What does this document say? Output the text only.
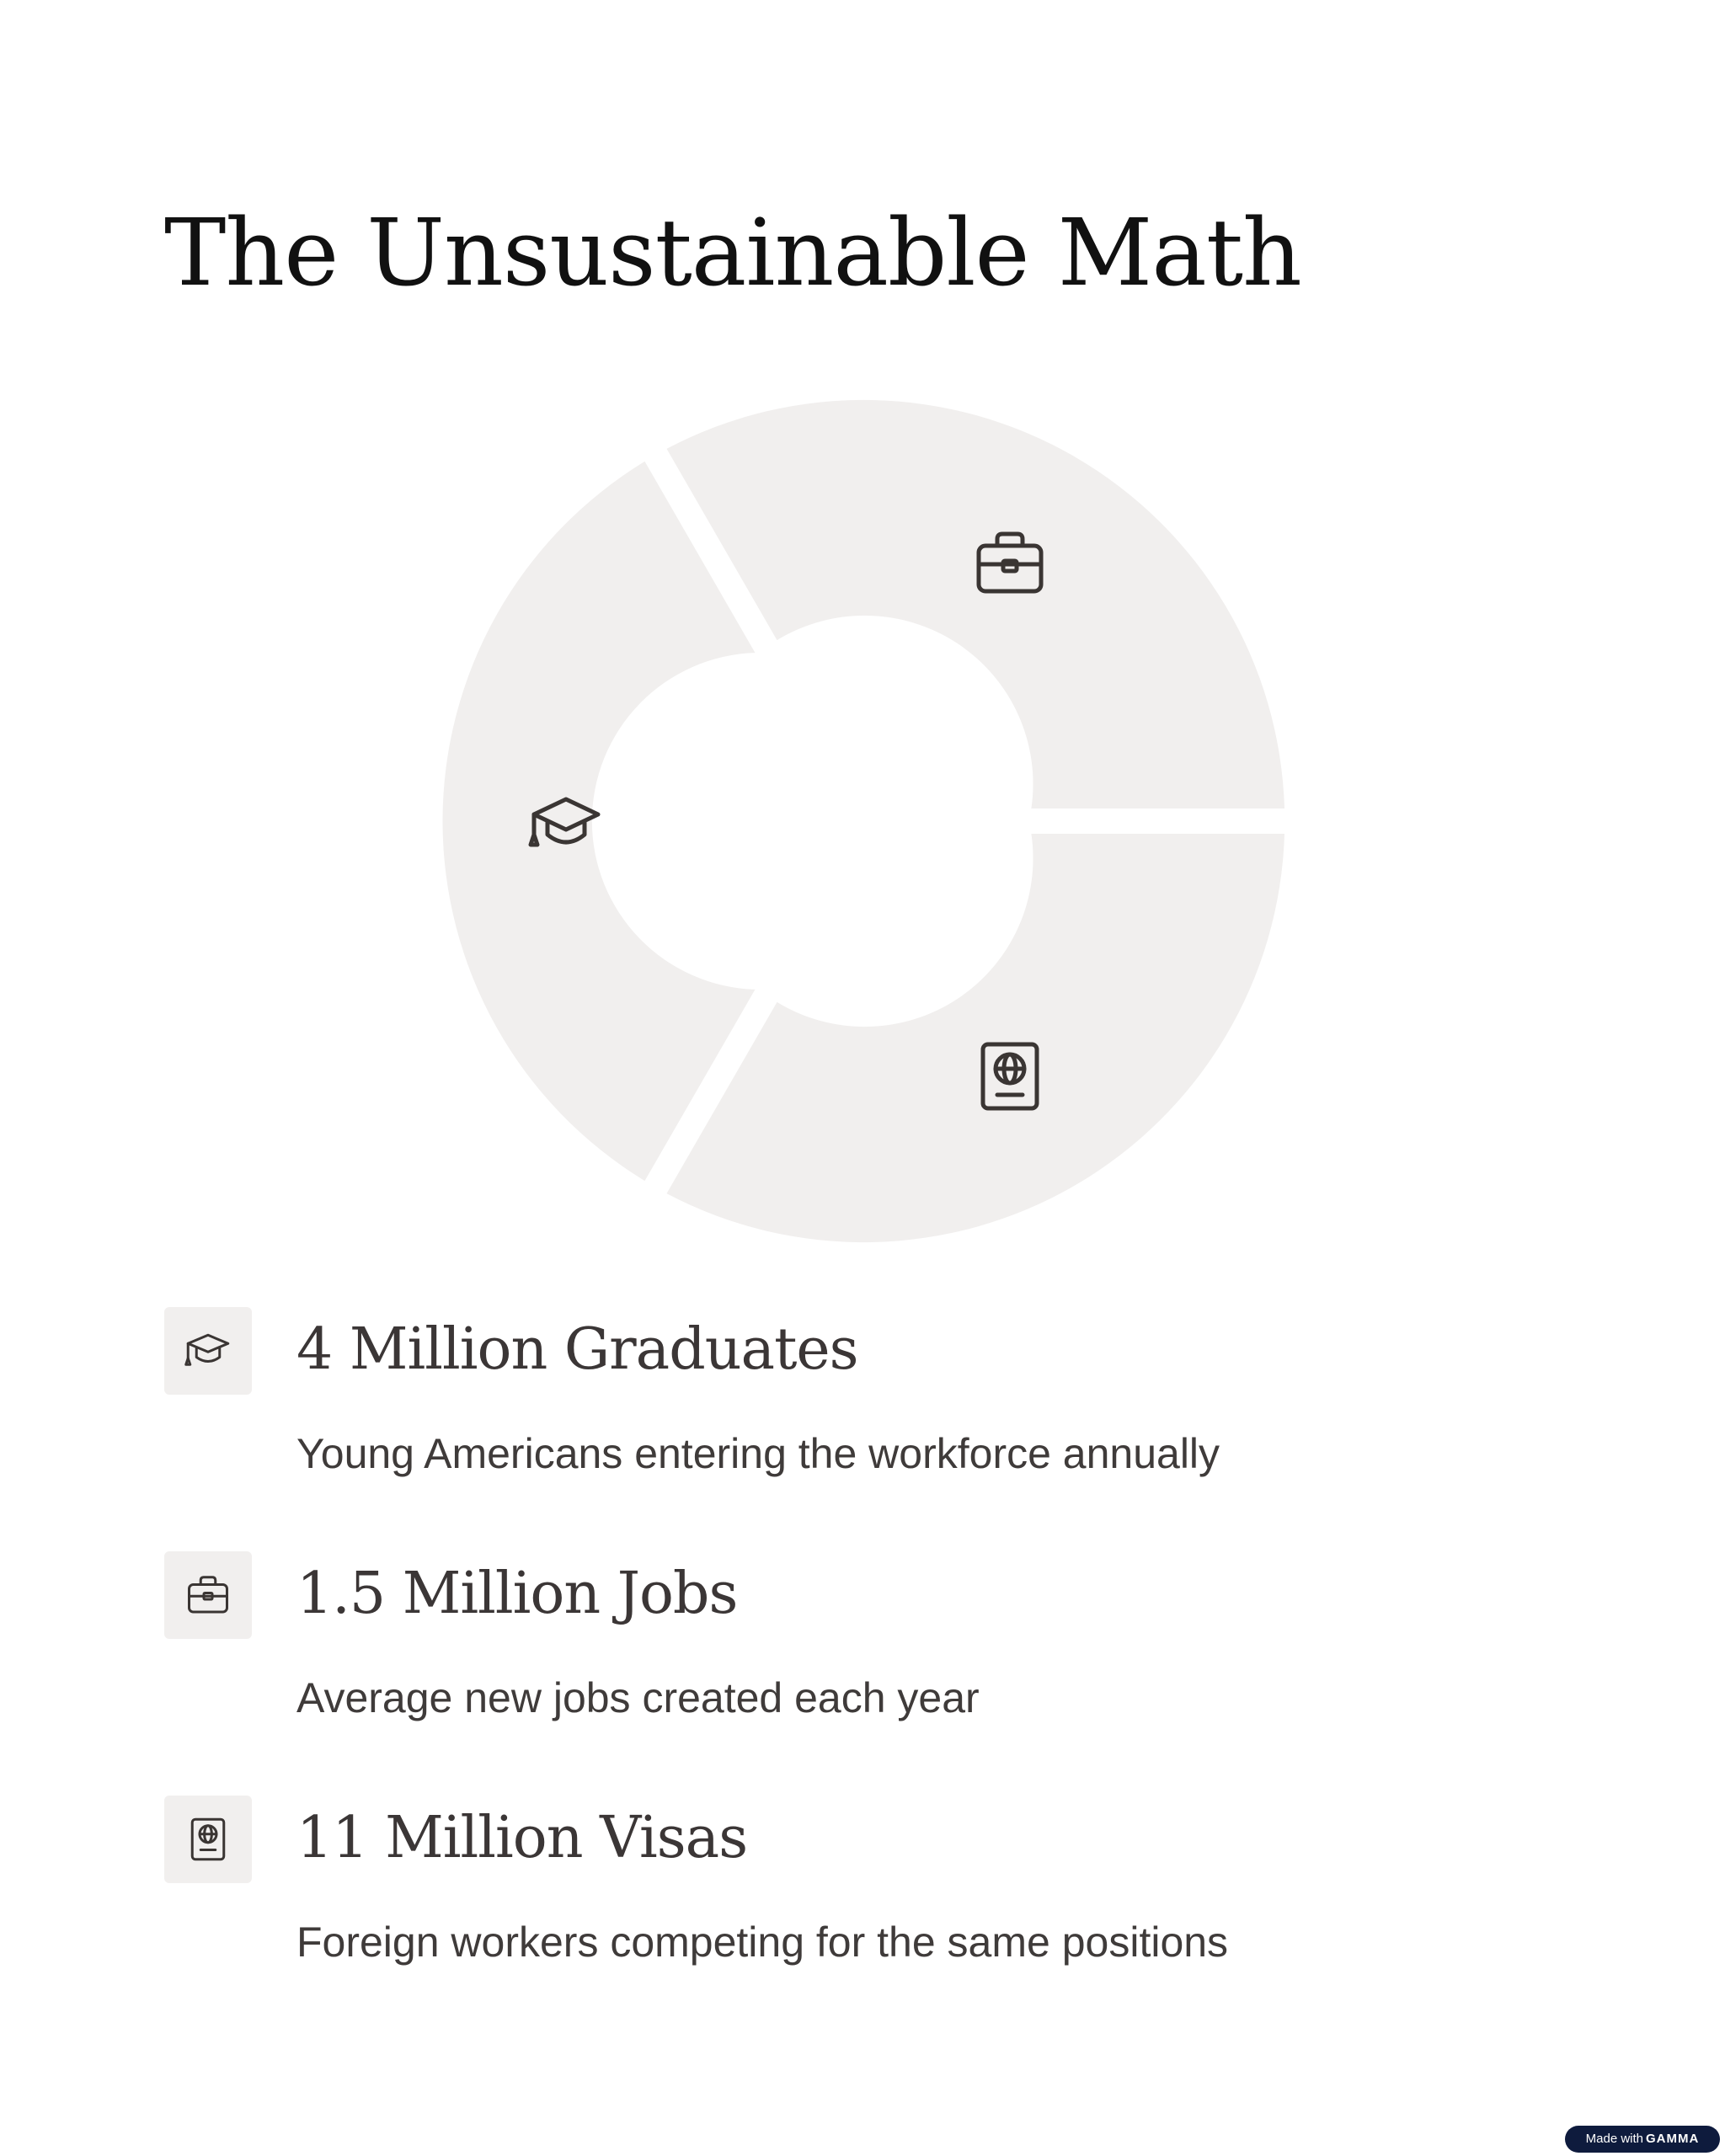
The Unsustainable Math
4 Million Graduates
Young Americans entering the workforce annually
1.5 Million Jobs
Average new jobs created each year
11 Million Visas
Foreign workers competing for the same positions
Made with GAMMA
